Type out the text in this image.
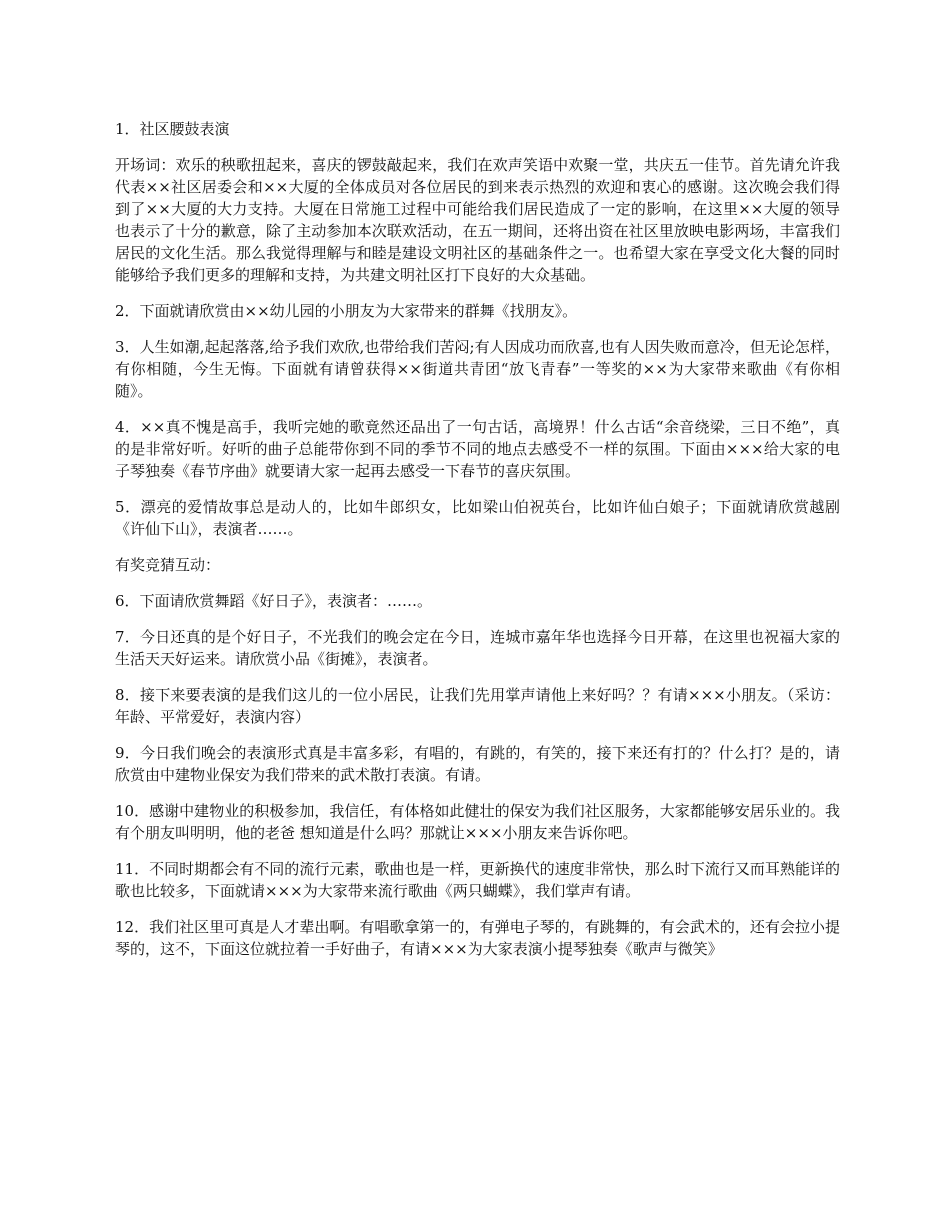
1．社区腰鼓表演

开场词：欢乐的秧歌扭起来，喜庆的锣鼓敲起来，我们在欢声笑语中欢聚一堂，共庆五一佳节。首先请允许我代表××社区居委会和××大厦的全体成员对各位居民的到来表示热烈的欢迎和衷心的感谢。这次晚会我们得到了××大厦的大力支持。大厦在日常施工过程中可能给我们居民造成了一定的影响，在这里××大厦的领导也表示了十分的歉意，除了主动参加本次联欢活动，在五一期间，还将出资在社区里放映电影两场，丰富我们居民的文化生活。那么我觉得理解与和睦是建设文明社区的基础条件之一。也希望大家在享受文化大餐的同时能够给予我们更多的理解和支持，为共建文明社区打下良好的大众基础。

2．下面就请欣赏由××幼儿园的小朋友为大家带来的群舞《找朋友》。

3．人生如潮,起起落落,给予我们欢欣,也带给我们苦闷;有人因成功而欣喜,也有人因失败而意冷，但无论怎样，有你相随，今生无悔。下面就有请曾获得××街道共青团“放飞青春”一等奖的××为大家带来歌曲《有你相随》。

4．××真不愧是高手，我听完她的歌竟然还品出了一句古话，高境界！什么古话“余音绕梁，三日不绝”，真的是非常好听。好听的曲子总能带你到不同的季节不同的地点去感受不一样的氛围。下面由×××给大家的电子琴独奏《春节序曲》就要请大家一起再去感受一下春节的喜庆氛围。

5．漂亮的爱情故事总是动人的，比如牛郎织女，比如梁山伯祝英台，比如许仙白娘子；下面就请欣赏越剧《许仙下山》，表演者……。

有奖竞猜互动：

6．下面请欣赏舞蹈《好日子》，表演者：……。

7．今日还真的是个好日子，不光我们的晚会定在今日，连城市嘉年华也选择今日开幕，在这里也祝福大家的生活天天好运来。请欣赏小品《街摊》，表演者。

8．接下来要表演的是我们这儿的一位小居民，让我们先用掌声请他上来好吗？？有请×××小朋友。（采访：年龄、平常爱好，表演内容）

9．今日我们晚会的表演形式真是丰富多彩，有唱的，有跳的，有笑的，接下来还有打的？什么打？是的，请欣赏由中建物业保安为我们带来的武术散打表演。有请。

10．感谢中建物业的积极参加，我信任，有体格如此健壮的保安为我们社区服务，大家都能够安居乐业的。我有个朋友叫明明，他的老爸 想知道是什么吗？那就让×××小朋友来告诉你吧。

11．不同时期都会有不同的流行元素，歌曲也是一样，更新换代的速度非常快，那么时下流行又而耳熟能详的歌也比较多，下面就请×××为大家带来流行歌曲《两只蝴蝶》，我们掌声有请。

12．我们社区里可真是人才辈出啊。有唱歌拿第一的，有弹电子琴的，有跳舞的，有会武术的，还有会拉小提琴的，这不，下面这位就拉着一手好曲子，有请×××为大家表演小提琴独奏《歌声与微笑》
